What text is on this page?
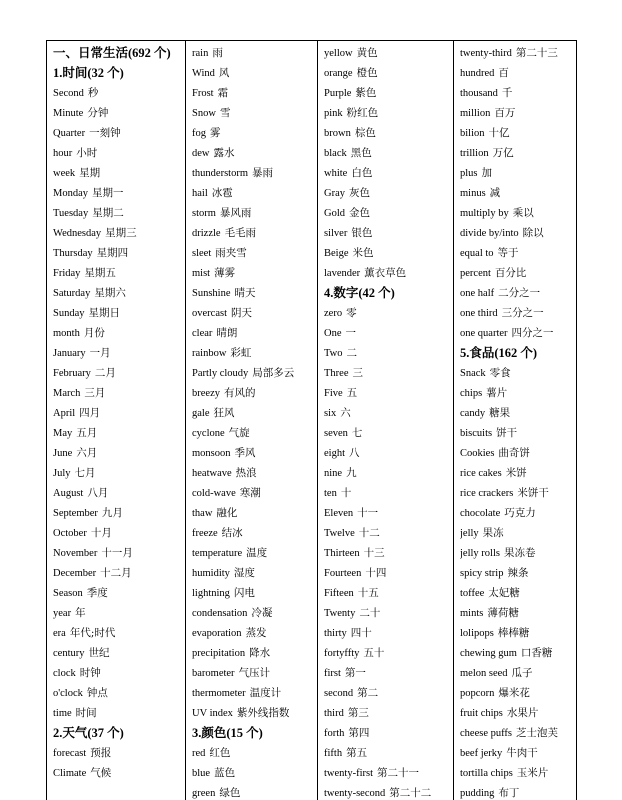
一、日常生活(692 个)
1.时间(32 个)
Second 秒
Minute 分钟
Quarter 一刻钟
hour 小时
week 星期
Monday 星期一
Tuesday 星期二
Wednesday 星期三
Thursday 星期四
Friday 星期五
Saturday 星期六
Sunday 星期日
month 月份
January 一月
February 二月
March 三月
April 四月
May 五月
June 六月
July 七月
August 八月
September 九月
October 十月
November 十一月
December 十二月
Season 季度
year 年
era 年代;时代
century 世纪
clock 时钟
o'clock 钟点
time 时间
2.天气(37 个)
forecast 预报
Climate 气候
rain 雨
Wind 风
Frost 霜
Snow 雪
fog 雾
dew 露水
thunderstorm 暴雨
hail 冰雹
storm 暴风雨
drizzle 毛毛雨
sleet 雨夹雪
mist 薄雾
Sunshine 晴天
overcast 阴天
clear 晴朗
rainbow 彩虹
Partly cloudy 局部多云
breezy 有风的
gale 狂风
cyclone 气旋
monsoon 季风
heatwave 热浪
cold-wave 寒潮
thaw 融化
freeze 结冰
temperature 温度
humidity 湿度
lightning 闪电
condensation 冷凝
evaporation 蒸发
precipitation 降水
barometer 气压计
thermometer 温度计
UV index 紫外线指数
3.颜色(15 个)
red 红色
blue 蓝色
green 绿色
yellow 黄色
orange 橙色
Purple 紫色
pink 粉红色
brown 棕色
black 黑色
white 白色
Gray 灰色
Gold 金色
silver 银色
Beige 米色
lavender 薰衣草色
4.数字(42 个)
zero 零
One 一
Two 二
Three 三
Five 五
six 六
seven 七
eight 八
nine 九
ten 十
Eleven 十一
Twelve 十二
Thirteen 十三
Fourteen 十四
Fifteen 十五
Twenty 二十
thirty 四十
fortyffty 五十
first 第一
second 第二
third 第三
forth 第四
fifth 第五
twenty-first 第二十一
twenty-second 第二十二
twenty-third 第二十三
hundred 百
thousand 千
million 百万
bilion 十亿
trillion 万亿
plus 加
minus 减
multiply by 乘以
divide by/into 除以
equal to 等于
percent 百分比
one half 二分之一
one third 三分之一
one quarter 四分之一
5.食品(162 个)
Snack 零食
chips 薯片
candy 糖果
biscuits 饼干
Cookies 曲奇饼
rice cakes 米饼
rice crackers 米饼干
chocolate 巧克力
jelly 果冻
jelly rolls 果冻卷
spicy strip 辣条
toffee 太妃糖
mints 薄荷糖
lolipops 棒棒糖
chewing gum 口香糖
melon seed 瓜子
popcorn 爆米花
fruit chips 水果片
cheese puffs 芝士泡芙
beef jerky 牛肉干
tortilla chips 玉米片
pudding 布丁
